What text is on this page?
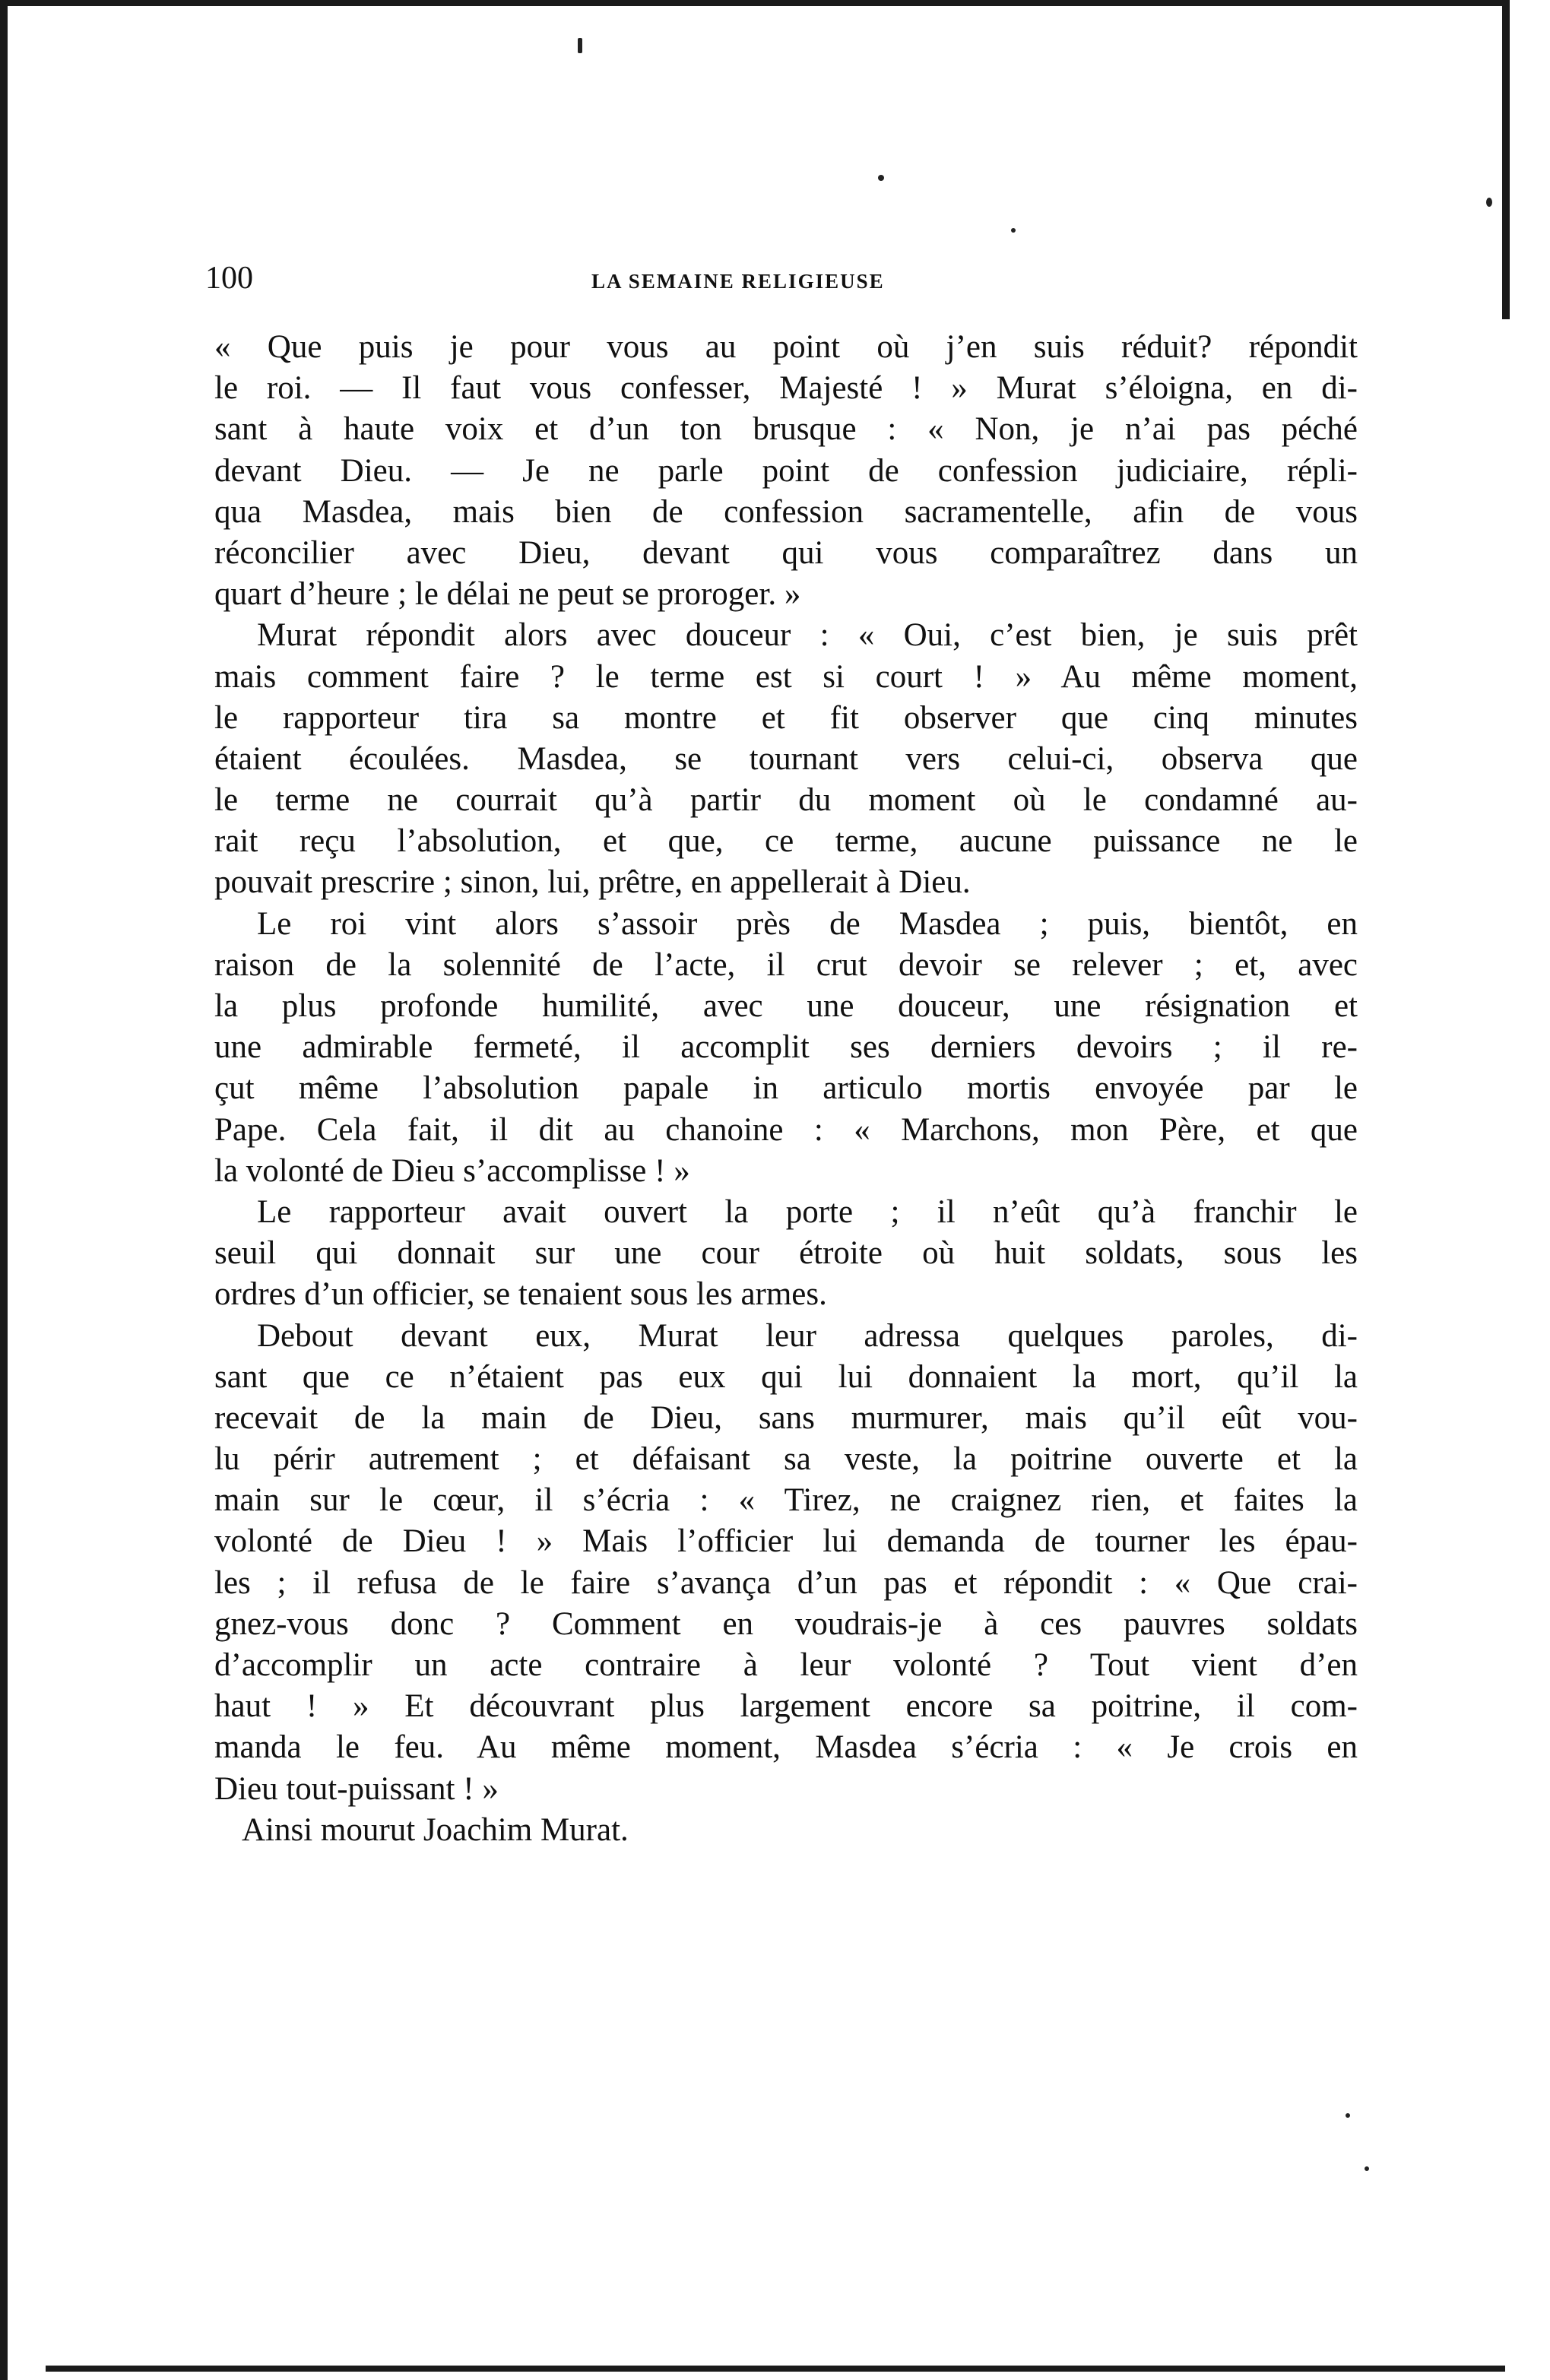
100	LA SEMAINE RELIGIEUSE
« Que puis je pour vous au point où j’en suis réduit? répondit
le roi. — Il faut vous confesser, Majesté ! » Murat s’éloigna, en di-
sant à haute voix et d’un ton brusque : « Non, je n’ai pas péché
devant Dieu. — Je ne parle point de confession judiciaire, répli-
qua Masdea, mais bien de confession sacramentelle, afin de vous
réconcilier avec Dieu, devant qui vous comparaîtrez dans un
quart d’heure ; le délai ne peut se proroger. »
Murat répondit alors avec douceur : « Oui, c’est bien, je suis prêt
mais comment faire ? le terme est si court ! » Au même moment,
le rapporteur tira sa montre et fit observer que cinq minutes
étaient écoulées. Masdea, se tournant vers celui-ci, observa que
le terme ne courrait qu’à partir du moment où le condamné au-
rait reçu l’absolution, et que, ce terme, aucune puissance ne le
pouvait prescrire ; sinon, lui, prêtre, en appellerait à Dieu.
Le roi vint alors s’assoir près de Masdea ; puis, bientôt, en
raison de la solennité de l’acte, il crut devoir se relever ; et, avec
la plus profonde humilité, avec une douceur, une résignation et
une admirable fermeté, il accomplit ses derniers devoirs ; il re-
çut même l’absolution papale in articulo mortis envoyée par le
Pape. Cela fait, il dit au chanoine : « Marchons, mon Père, et que
la volonté de Dieu s’accomplisse ! »
Le rapporteur avait ouvert la porte ; il n’eût qu’à franchir le
seuil qui donnait sur une cour étroite où huit soldats, sous les
ordres d’un officier, se tenaient sous les armes.
Debout devant eux, Murat leur adressa quelques paroles, di-
sant que ce n’étaient pas eux qui lui donnaient la mort, qu’il la
recevait de la main de Dieu, sans murmurer, mais qu’il eût vou-
lu périr autrement ; et défaisant sa veste, la poitrine ouverte et la
main sur le cœur, il s’écria : « Tirez, ne craignez rien, et faites la
volonté de Dieu ! » Mais l’officier lui demanda de tourner les épau-
les ; il refusa de le faire s’avança d’un pas et répondit : « Que crai-
gnez-vous donc ? Comment en voudrais-je à ces pauvres soldats
d’accomplir un acte contraire à leur volonté ? Tout vient d’en
haut ! » Et découvrant plus largement encore sa poitrine, il com-
manda le feu. Au même moment, Masdea s’écria : « Je crois en
Dieu tout-puissant ! »
Ainsi mourut Joachim Murat.
